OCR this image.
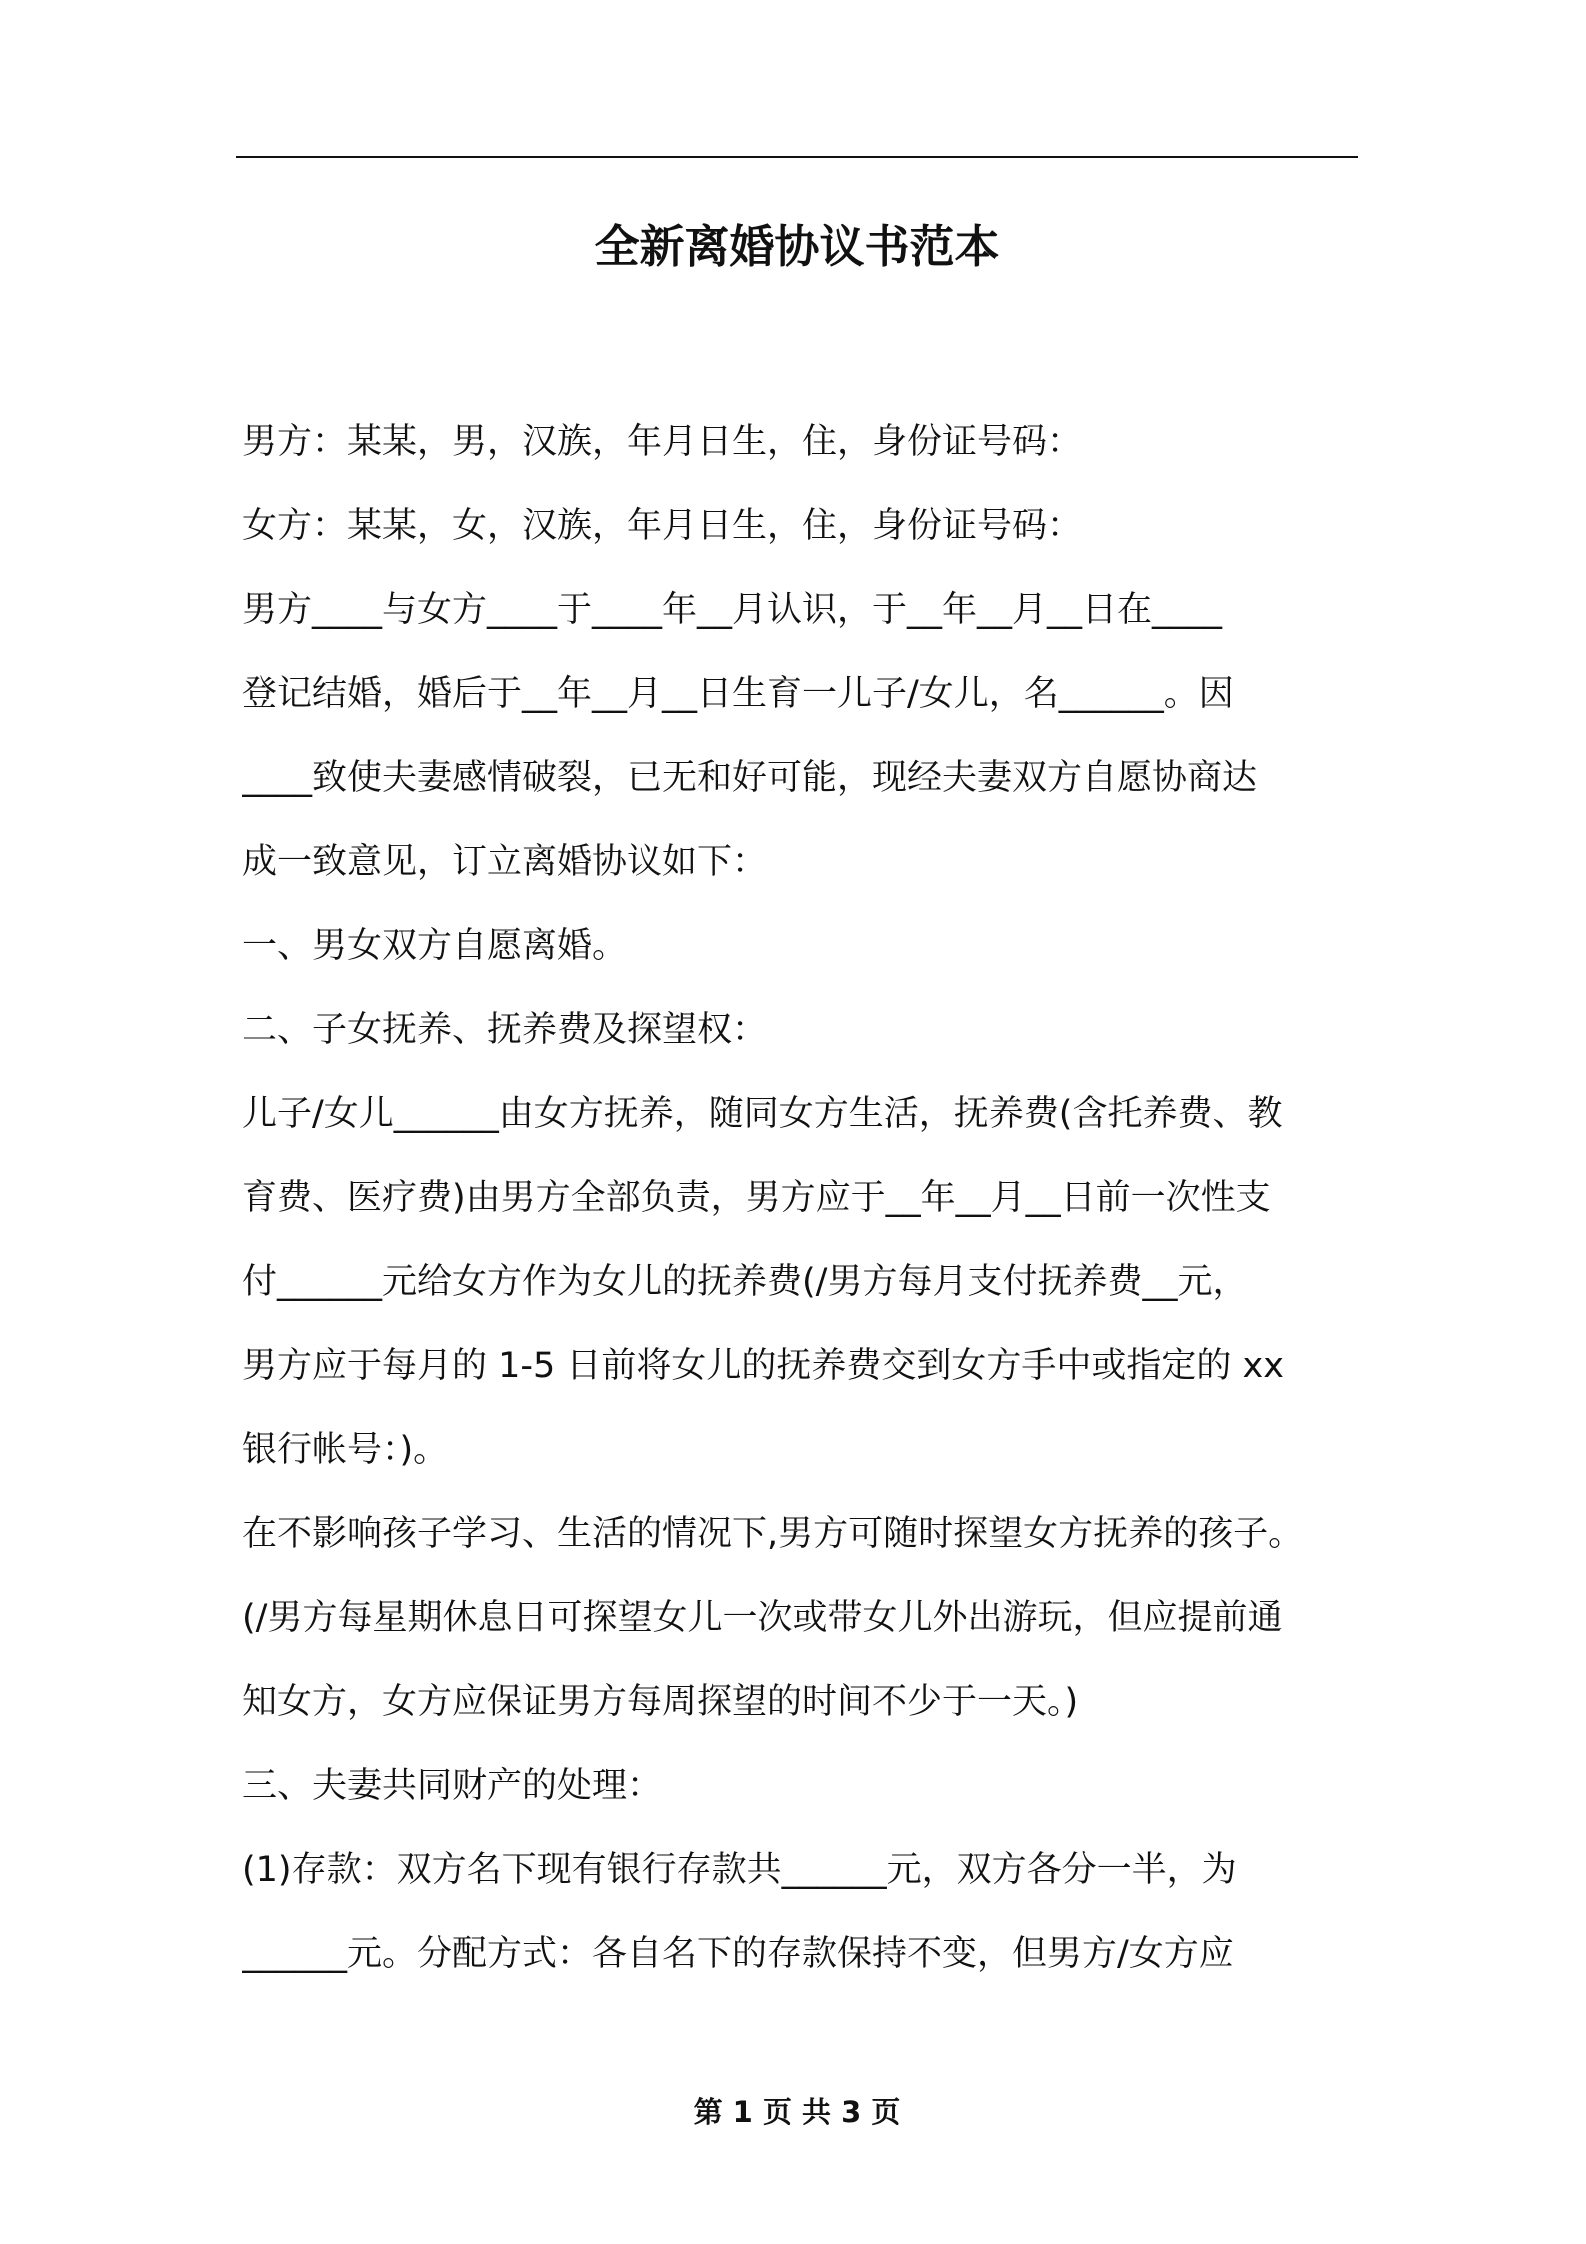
全新离婚协议书范本

男方：某某，男，汉族，年月日生，住，身份证号码：

女方：某某，女，汉族，年月日生，住，身份证号码：

男方____与女方____于____年__月认识，于__年__月__日在____

登记结婚，婚后于__年__月__日生育一儿子/女儿，名______。因

____致使夫妻感情破裂，已无和好可能，现经夫妻双方自愿协商达

成一致意见，订立离婚协议如下：

一、男女双方自愿离婚。

二、子女抚养、抚养费及探望权：

儿子/女儿______由女方抚养，随同女方生活，抚养费(含托养费、教

育费、医疗费)由男方全部负责，男方应于__年__月__日前一次性支

付______元给女方作为女儿的抚养费(/男方每月支付抚养费__元，

男方应于每月的 1-5 日前将女儿的抚养费交到女方手中或指定的 xx

银行帐号：)。

在不影响孩子学习、生活的情况下,男方可随时探望女方抚养的孩子。

(/男方每星期休息日可探望女儿一次或带女儿外出游玩，但应提前通

知女方，女方应保证男方每周探望的时间不少于一天。)

三、夫妻共同财产的处理：

(1)存款：双方名下现有银行存款共______元，双方各分一半，为

______元。分配方式：各自名下的存款保持不变，但男方/女方应

第 1 页 共 3 页
